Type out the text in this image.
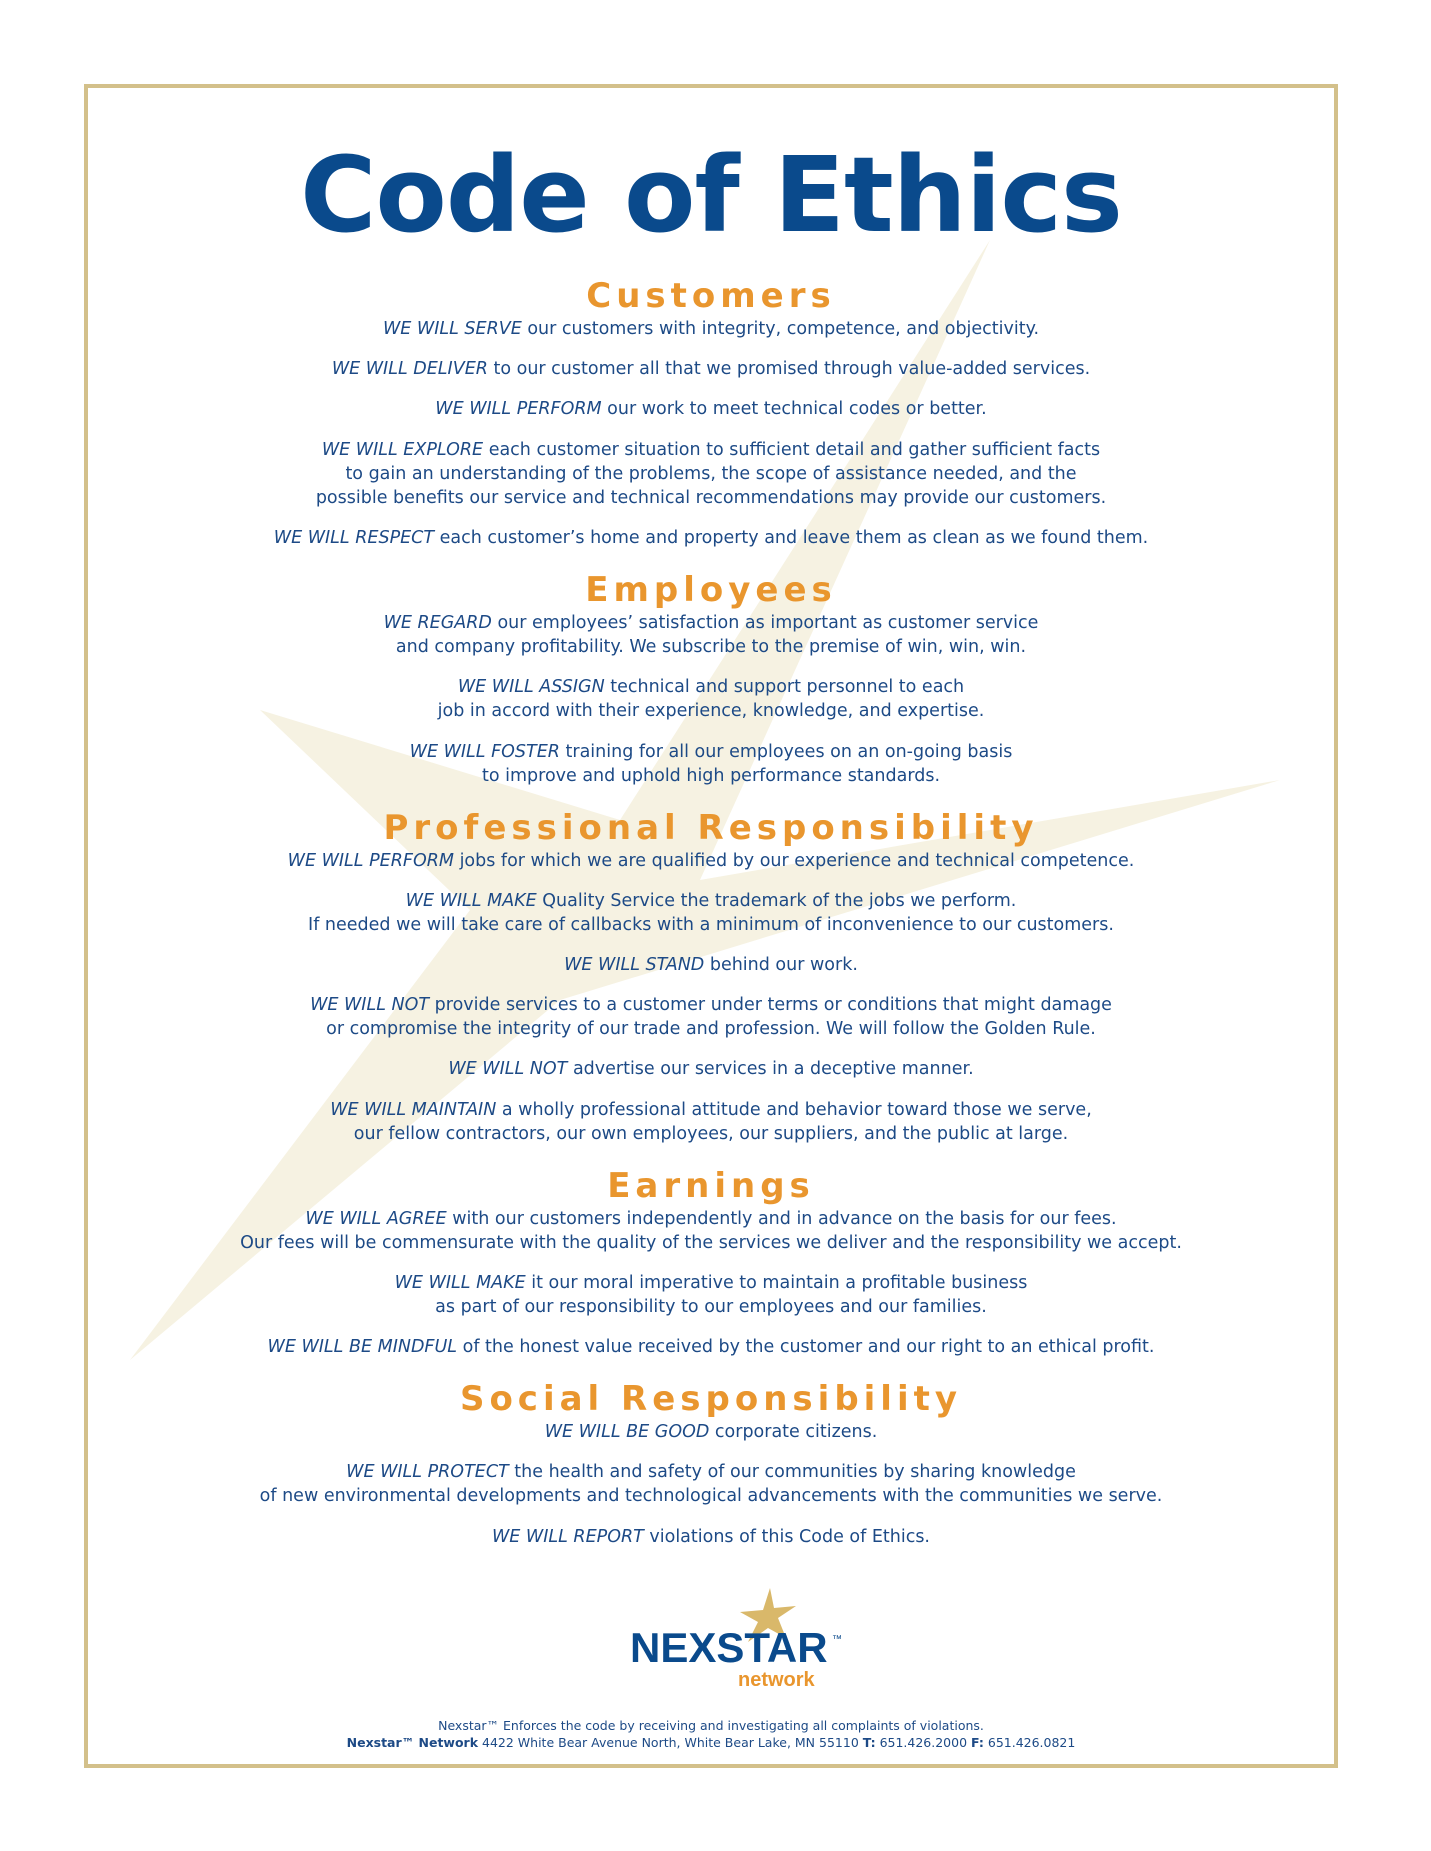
Code of Ethics
Customers

WE WILL SERVE our customers with integrity, competence, and objectivity.

WE WILL DELIVER to our customer all that we promised through value-added services.

WE WILL PERFORM our work to meet technical codes or better.

WE WILL EXPLORE each customer situation to sufficient detail and gather sufficient facts
to gain an understanding of the problems, the scope of assistance needed, and the
possible benefits our service and technical recommendations may provide our customers.

WE WILL RESPECT each customer’s home and property and leave them as clean as we found them.

Employees

WE REGARD our employees’ satisfaction as important as customer service
and company profitability. We subscribe to the premise of win, win, win.

WE WILL ASSIGN technical and support personnel to each
job in accord with their experience, knowledge, and expertise.

WE WILL FOSTER training for all our employees on an on-going basis
to improve and uphold high performance standards.

Professional Responsibility

WE WILL PERFORM jobs for which we are qualified by our experience and technical competence.

WE WILL MAKE Quality Service the trademark of the jobs we perform.
If needed we will take care of callbacks with a minimum of inconvenience to our customers.

WE WILL STAND behind our work.

WE WILL NOT provide services to a customer under terms or conditions that might damage
or compromise the integrity of our trade and profession. We will follow the Golden Rule.

WE WILL NOT advertise our services in a deceptive manner.

WE WILL MAINTAIN a wholly professional attitude and behavior toward those we serve,
our fellow contractors, our own employees, our suppliers, and the public at large.

Earnings

WE WILL AGREE with our customers independently and in advance on the basis for our fees.
Our fees will be commensurate with the quality of the services we deliver and the responsibility we accept.

WE WILL MAKE it our moral imperative to maintain a profitable business
as part of our responsibility to our employees and our families.

WE WILL BE MINDFUL of the honest value received by the customer and our right to an ethical profit.

Social Responsibility

WE WILL BE GOOD corporate citizens.

WE WILL PROTECT the health and safety of our communities by sharing knowledge
of new environmental developments and technological advancements with the communities we serve.

WE WILL REPORT violations of this Code of Ethics.

NEXSTAR ™
network
Nexstar™ Enforces the code by receiving and investigating all complaints of violations.
Nexstar™ Network 4422 White Bear Avenue North, White Bear Lake, MN 55110 T: 651.426.2000 F: 651.426.0821
